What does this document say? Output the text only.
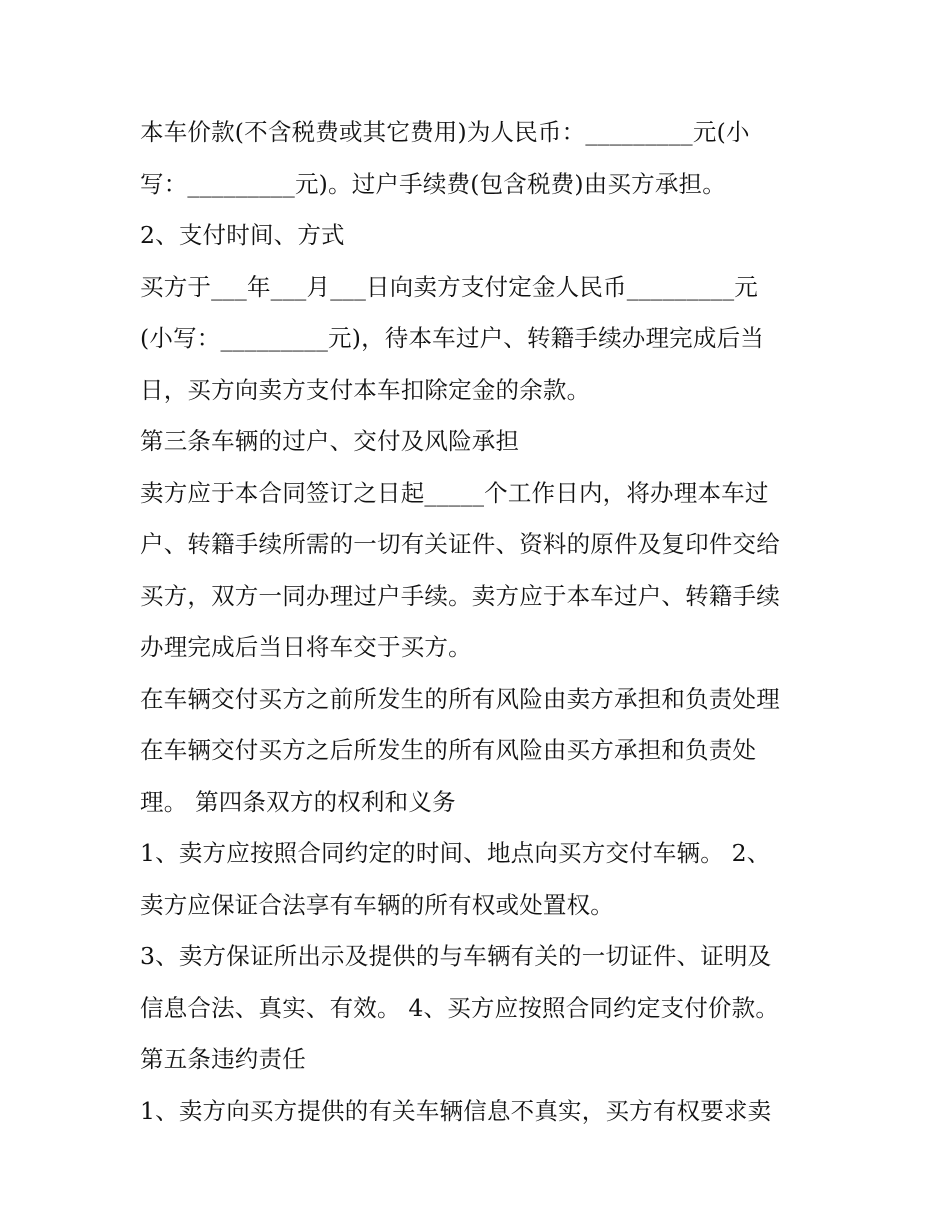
本车价款(不含税费或其它费用)为人民币：_________元(小
写：_________元)。过户手续费(包含税费)由买方承担。
2、支付时间、方式
买方于___年___月___日向卖方支付定金人民币_________元
(小写：_________元)，待本车过户、转籍手续办理完成后当
日，买方向卖方支付本车扣除定金的余款。
第三条车辆的过户、交付及风险承担
卖方应于本合同签订之日起_____个工作日内，将办理本车过
户、转籍手续所需的一切有关证件、资料的原件及复印件交给
买方，双方一同办理过户手续。卖方应于本车过户、转籍手续
办理完成后当日将车交于买方。
在车辆交付买方之前所发生的所有风险由卖方承担和负责处理
在车辆交付买方之后所发生的所有风险由买方承担和负责处
理。 第四条双方的权利和义务
1、卖方应按照合同约定的时间、地点向买方交付车辆。 2、
卖方应保证合法享有车辆的所有权或处置权。
3、卖方保证所出示及提供的与车辆有关的一切证件、证明及
信息合法、真实、有效。 4、买方应按照合同约定支付价款。
第五条违约责任
1、卖方向买方提供的有关车辆信息不真实，买方有权要求卖
